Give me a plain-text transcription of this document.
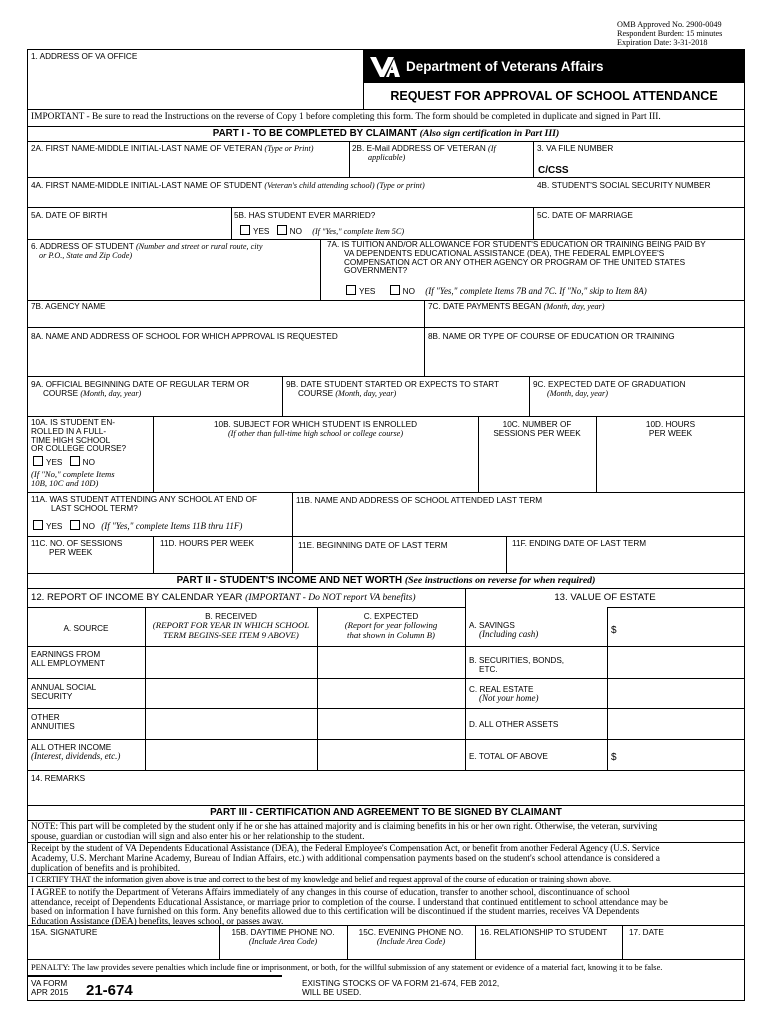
OMB Approved No. 2900-0049
Respondent Burden: 15 minutes
Expiration Date: 3-31-2018
1. ADDRESS OF VA OFFICE
Department of Veterans Affairs
REQUEST FOR APPROVAL OF SCHOOL ATTENDANCE
IMPORTANT - Be sure to read the Instructions on the reverse of Copy 1 before completing this form. The form should be completed in duplicate and signed in Part III.
PART I - TO BE COMPLETED BY CLAIMANT (Also sign certification in Part III)
2A. FIRST NAME-MIDDLE INITIAL-LAST NAME OF VETERAN (Type or Print)	2B. E-Mail ADDRESS OF VETERAN (If
applicable)
3. VA FILE NUMBER
C/CSS
4A. FIRST NAME-MIDDLE INITIAL-LAST NAME OF STUDENT (Veteran's child attending school) (Type or print)	4B. STUDENT'S SOCIAL SECURITY NUMBER
5A. DATE OF BIRTH	5B. HAS STUDENT EVER MARRIED?
YES NO (If "Yes," complete Item 5C)
5C. DATE OF MARRIAGE
6. ADDRESS OF STUDENT (Number and street or rural route, city
or P.O., State and Zip Code)
7A. IS TUITION AND/OR ALLOWANCE FOR STUDENT'S EDUCATION OR TRAINING BEING PAID BY
VA DEPENDENTS EDUCATIONAL ASSISTANCE (DEA), THE FEDERAL EMPLOYEE'S
COMPENSATION ACT OR ANY OTHER AGENCY OR PROGRAM OF THE UNITED STATES
GOVERNMENT?
YES	NO (If "Yes," complete Items 7B and 7C. If "No," skip to Item 8A)
7B. AGENCY NAME	7C. DATE PAYMENTS BEGAN (Month, day, year)
8A. NAME AND ADDRESS OF SCHOOL FOR WHICH APPROVAL IS REQUESTED	8B. NAME OR TYPE OF COURSE OF EDUCATION OR TRAINING
9A. OFFICIAL BEGINNING DATE OF REGULAR TERM OR
COURSE (Month, day, year)
9B. DATE STUDENT STARTED OR EXPECTS TO START
COURSE (Month, day, year)
9C. EXPECTED DATE OF GRADUATION
(Month, day, year)
10A. IS STUDENT EN-
ROLLED IN A FULL-
TIME HIGH SCHOOL
OR COLLEGE COURSE?
YES NO
(If "No," complete Items
10B, 10C and 10D)
10B. SUBJECT FOR WHICH STUDENT IS ENROLLED
(If other than full-time high school or college course)
10C. NUMBER OF
SESSIONS PER WEEK
10D. HOURS
PER WEEK
11A. WAS STUDENT ATTENDING ANY SCHOOL AT END OF
LAST SCHOOL TERM?
YES NO (If "Yes," complete Items 11B thru 11F)
11B. NAME AND ADDRESS OF SCHOOL ATTENDED LAST TERM
11C. NO. OF SESSIONS
PER WEEK
11D. HOURS PER WEEK	11E. BEGINNING DATE OF LAST TERM	11F. ENDING DATE OF LAST TERM
PART II - STUDENT'S INCOME AND NET WORTH (See instructions on reverse for when required)
12. REPORT OF INCOME BY CALENDAR YEAR (IMPORTANT - Do NOT report VA benefits)	13. VALUE OF ESTATE
A. SOURCE
B. RECEIVED
(REPORT FOR YEAR IN WHICH SCHOOL
TERM BEGINS-SEE ITEM 9 ABOVE)
C. EXPECTED
(Report for year following
that shown in Column B)
EARNINGS FROM
ALL EMPLOYMENT
ANNUAL SOCIAL
SECURITY
OTHER
ANNUITIES
ALL OTHER INCOME
(Interest, dividends, etc.)
A. SAVINGS
(Including cash)	$
B. SECURITIES, BONDS,
ETC.
C. REAL ESTATE
(Not your home)
D. ALL OTHER ASSETS
E. TOTAL OF ABOVE	$
14. REMARKS
PART III - CERTIFICATION AND AGREEMENT TO BE SIGNED BY CLAIMANT
NOTE: This part will be completed by the student only if he or she has attained majority and is claiming benefits in his or her own right. Otherwise, the veteran, surviving
spouse, guardian or custodian will sign and also enter his or her relationship to the student.
Receipt by the student of VA Dependents Educational Assistance (DEA), the Federal Employee's Compensation Act, or benefit from another Federal Agency (U.S. Service
Academy, U.S. Merchant Marine Academy, Bureau of Indian Affairs, etc.) with additional compensation payments based on the student's school attendance is considered a
duplication of benefits and is prohibited.
I CERTIFY THAT the information given above is true and correct to the best of my knowledge and belief and request approval of the course of education or training shown above.
I AGREE to notify the Department of Veterans Affairs immediately of any changes in this course of education, transfer to another school, discontinuance of school
attendance, receipt of Dependents Educational Assistance, or marriage prior to completion of the course. I understand that continued entitlement to school attendance may be
based on information I have furnished on this form. Any benefits allowed due to this certification will be discontinued if the student marries, receives VA Dependents
Education Assistance (DEA) benefits, leaves school, or passes away.
15A. SIGNATURE	15B. DAYTIME PHONE NO.
(Include Area Code)
15C. EVENING PHONE NO.
(Include Area Code)
16. RELATIONSHIP TO STUDENT	17. DATE
PENALTY: The law provides severe penalties which include fine or imprisonment, or both, for the willful submission of any statement or evidence of a material fact, knowing it to be false.
VA FORM
APR 2015 21-674	EXISTING STOCKS OF VA FORM 21-674, FEB 2012,
WILL BE USED.
